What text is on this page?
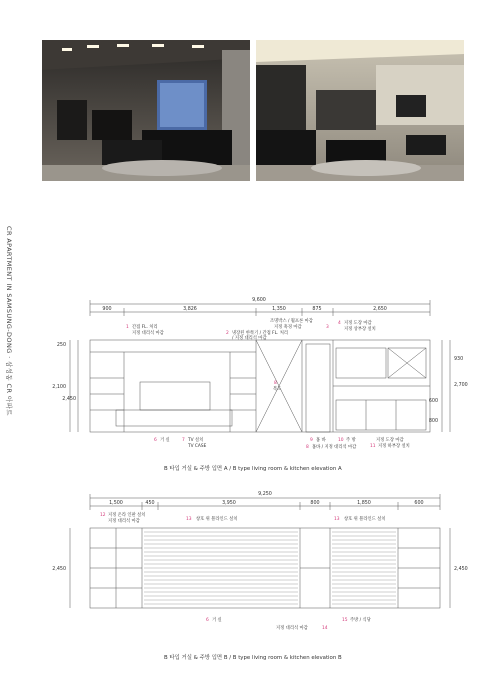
CR APARTMENT IN SAMSUNG-DONG · 삼성동 CR 아파트	9,600
900	3,826	1,350	875	2,650
250
2,100
2,450
930
2,700
600
800
1 간접 FL. 처리
지정 대리석 마감
조명박스 / 월프론 마감
3
지정 흑경 마감
2 냉장된 한쪽기 / 간접 FL. 처리
/ 지정 대리석 마감
4 지정 도장 마감
지정 상부장 설치
6 거 실	7 TV 설치
TV CASE
8
복도
9 홈 바
8 홈바 / 지정 대리석 마감
10 주 방	지정 도장 마감
11 지정 하부장 설치
B 타입 거실 & 주방 입면 A / B type living room & kitchen elevation A
9,250
1,500	450	3,950	800	1,850	600
2,450	2,450
12 지정 온라 인판 설치
지정 대리석 마감	13 창호 위 블라인드 설치	13 창호 위 블라인드 설치
6 거 실
14
지정 대리석 마감
15 주방 / 식당
B 타입 거실 & 주방 입면 B / B type living room & kitchen elevation B
